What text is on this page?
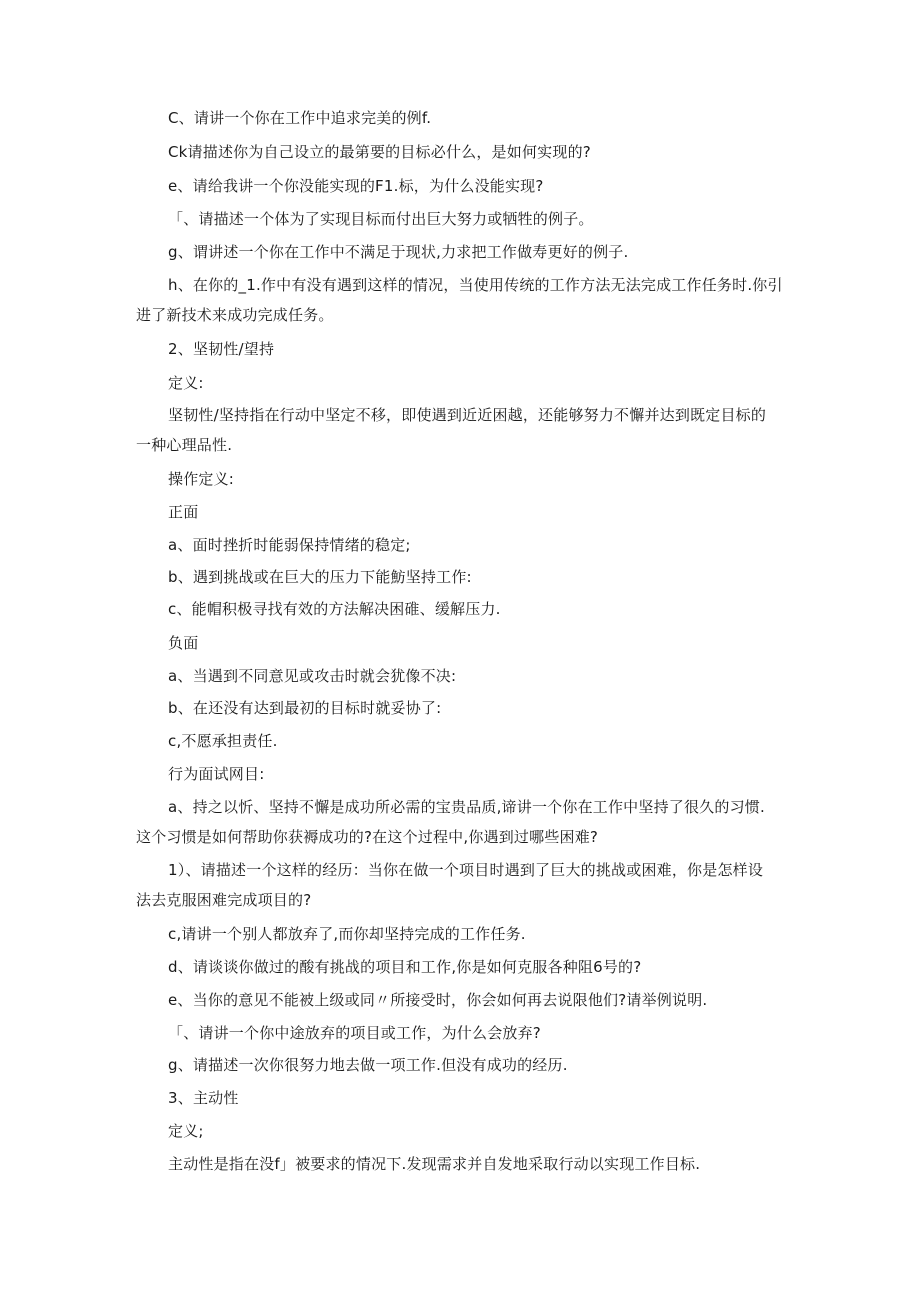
C、请讲一个你在工作中追求完美的例f.
Ck请描述你为自己设立的最第要的目标必什么，是如何实现的?
e、请给我讲一个你没能实现的F1.标，为什么没能实现?
「、请描述一个体为了实现目标而付出巨大努力或牺牲的例子。
g、谓讲述一个你在工作中不满足于现状,力求把工作做寿更好的例子.
h、在你的_1.作中有没有遇到这样的情况，当使用传统的工作方法无法完成工作任务时.你引
进了新技术来成功完成任务。
2、坚韧性/望持
定义:
坚韧性/坚持指在行动中坚定不移，即使遇到近近困越，还能够努力不懈并达到既定目标的
一种心理品性.
操作定义:
正面
a、面时挫折时能弱保持情绪的稳定;
b、遇到挑战或在巨大的压力下能魴坚持工作:
c、能帽积极寻找有效的方法解决困碓、缓解压力.
负面
a、当遇到不同意见或攻击时就会犹像不决:
b、在还没有达到最初的目标时就妥协了:
c,不愿承担责任.
行为面试网目:
a、持之以忻、坚持不懈是成功所必需的宝贵品质,谛讲一个你在工作中坚持了很久的习惯.
这个习惯是如何帮助你获褥成功的?在这个过程中,你遇到过哪些困难?
1）、请描述一个这样的经历：当你在做一个项目时遇到了巨大的挑战或困难，你是怎样设
法去克服困难完成项目的?
c,请讲一个别人都放弃了,而你却坚持完成的工作任务.
d、请谈谈你做过的酸有挑战的项目和工作,你是如何克服各种阻6号的?
e、当你的意见不能被上级或同〃所接受时，你会如何再去说限他们?请举例说明.
「、请讲一个你中途放弃的项目或工作，为什么会放弃?
g、请描述一次你很努力地去做一项工作.但没有成功的经历.
3、主动性
定义;
主动性是指在没f」被要求的情况下.发现需求并自发地采取行动以实现工作目标.
